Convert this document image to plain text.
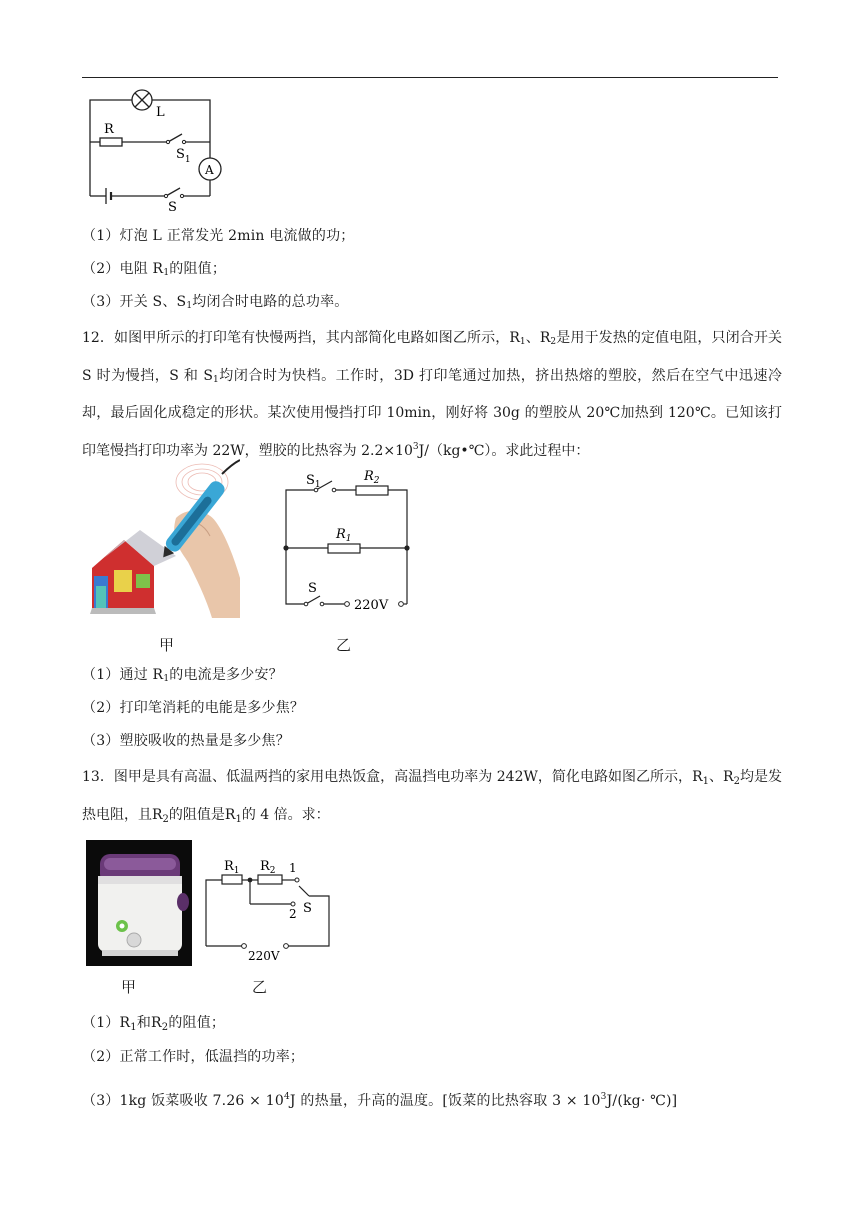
L
R
$S_1$
A
S
（1）灯泡 L 正常发光 2min 电流做的功；
（2）电阻 $R_1$的阻值；
（3）开关 S、$S_1$均闭合时电路的总功率。
12．如图甲所示的打印笔有快慢两挡，其内部简化电路如图乙所示，$R_1$、$R_2$是用于发热的定值电阻，只闭合开关 S 时为慢挡，S 和 $S_1$均闭合时为快档。工作时，3D 打印笔通过加热，挤出热熔的塑胶，然后在空气中迅速冷却，最后固化成稳定的形状。某次使用慢挡打印 10min，刚好将 30g 的塑胶从 20℃加热到 120℃。已知该打印笔慢挡打印功率为 22W，塑胶的比热容为 $2.2\times 10^3J/(kg•℃)$。求此过程中：
$S_1$
$R_2$
$R_1$
S
220V
甲	乙
（1）通过 $R_1$的电流是多少安？
（2）打印笔消耗的电能是多少焦？
（3）塑胶吸收的热量是多少焦？
13．图甲是具有高温、低温两挡的家用电热饭盒，高温挡电功率为 242W，简化电路如图乙所示，$R_1$、$R_2$均是发热电阻，且$R_2$的阻值是$R_1$的 4 倍。求：
$R_1$ $R_2$ 1
2 S
220V
甲	乙
$(1)R_1$和$R_2$的阻值；
（2）正常工作时，低温挡的功率；
（3）1kg 饭菜吸收 $7.26 \times 10^4J$ 的热量，升高的温度。[饭菜的比热容取 $3 \times 10^3J/(kg\cdot$ ℃)]
